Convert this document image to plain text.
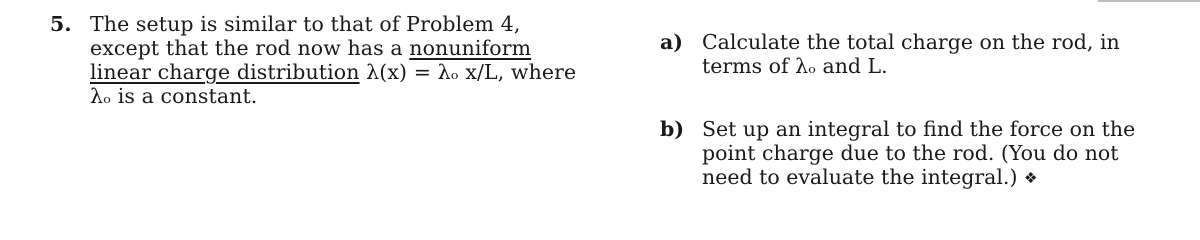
5. The setup is similar to that of Problem 4,
except that the rod now has a nonuniform
linear charge distribution λ(x) = λₒ x/L, where
λₒ is a constant.
a) Calculate the total charge on the rod, in
terms of λₒ and L.
b) Set up an integral to find the force on the
point charge due to the rod. (You do not
need to evaluate the integral.) ❖
